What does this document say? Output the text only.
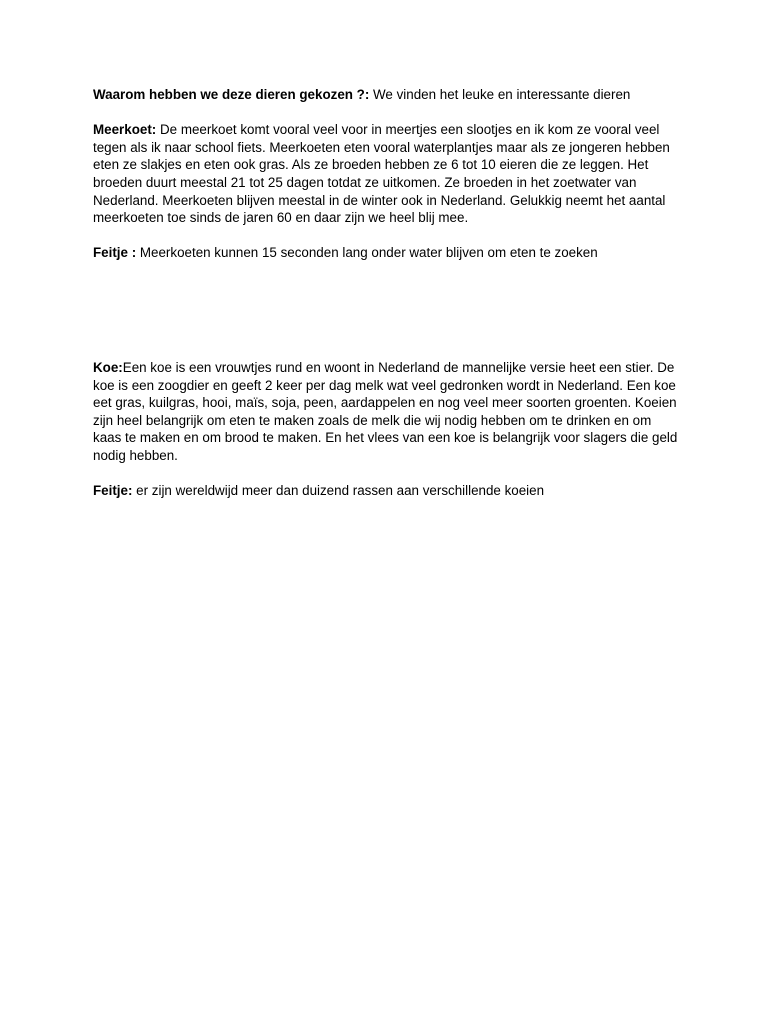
Waarom hebben we deze dieren gekozen ?: We vinden het leuke en interessante dieren

Meerkoet: De meerkoet komt vooral veel voor in meertjes een slootjes en ik kom ze vooral veel tegen als ik naar school fiets. Meerkoeten eten vooral waterplantjes maar als ze jongeren hebben eten ze slakjes en eten ook gras. Als ze broeden hebben ze 6 tot 10 eieren die ze leggen. Het broeden duurt meestal 21 tot 25 dagen totdat ze uitkomen. Ze broeden in het zoetwater van Nederland. Meerkoeten blijven meestal in de winter ook in Nederland. Gelukkig neemt het aantal meerkoeten toe sinds de jaren 60 en daar zijn we heel blij mee.

Feitje : Meerkoeten kunnen 15 seconden lang onder water blijven om eten te zoeken

Koe:Een koe is een vrouwtjes rund en woont in Nederland de mannelijke versie heet een stier. De koe is een zoogdier en geeft 2 keer per dag melk wat veel gedronken wordt in Nederland. Een koe eet gras, kuilgras, hooi, maïs, soja, peen, aardappelen en nog veel meer soorten groenten. Koeien zijn heel belangrijk om eten te maken zoals de melk die wij nodig hebben om te drinken en om kaas te maken en om brood te maken. En het vlees van een koe is belangrijk voor slagers die geld nodig hebben.

Feitje: er zijn wereldwijd meer dan duizend rassen aan verschillende koeien
